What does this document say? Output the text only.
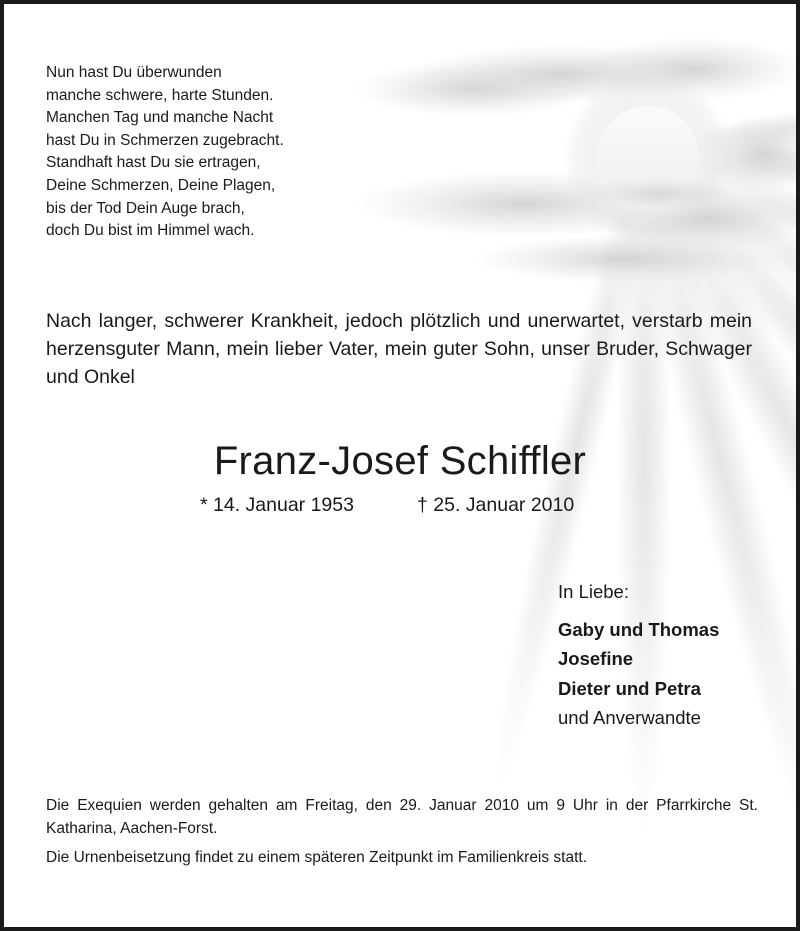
Nun hast Du überwunden
manche schwere, harte Stunden.
Manchen Tag und manche Nacht
hast Du in Schmerzen zugebracht.
Standhaft hast Du sie ertragen,
Deine Schmerzen, Deine Plagen,
bis der Tod Dein Auge brach,
doch Du bist im Himmel wach.
Nach langer, schwerer Krankheit, jedoch plötzlich und unerwartet, verstarb mein herzensguter Mann, mein lieber Vater, mein guter Sohn, unser Bruder, Schwager und Onkel
Franz-Josef Schiffler
* 14. Januar 1953	† 25. Januar 2010
In Liebe:
Gaby und Thomas
Josefine
Dieter und Petra
und Anverwandte
Die Exequien werden gehalten am Freitag, den 29. Januar 2010 um 9 Uhr in der Pfarrkirche St. Katharina, Aachen-Forst.
Die Urnenbeisetzung findet zu einem späteren Zeitpunkt im Familienkreis statt.
